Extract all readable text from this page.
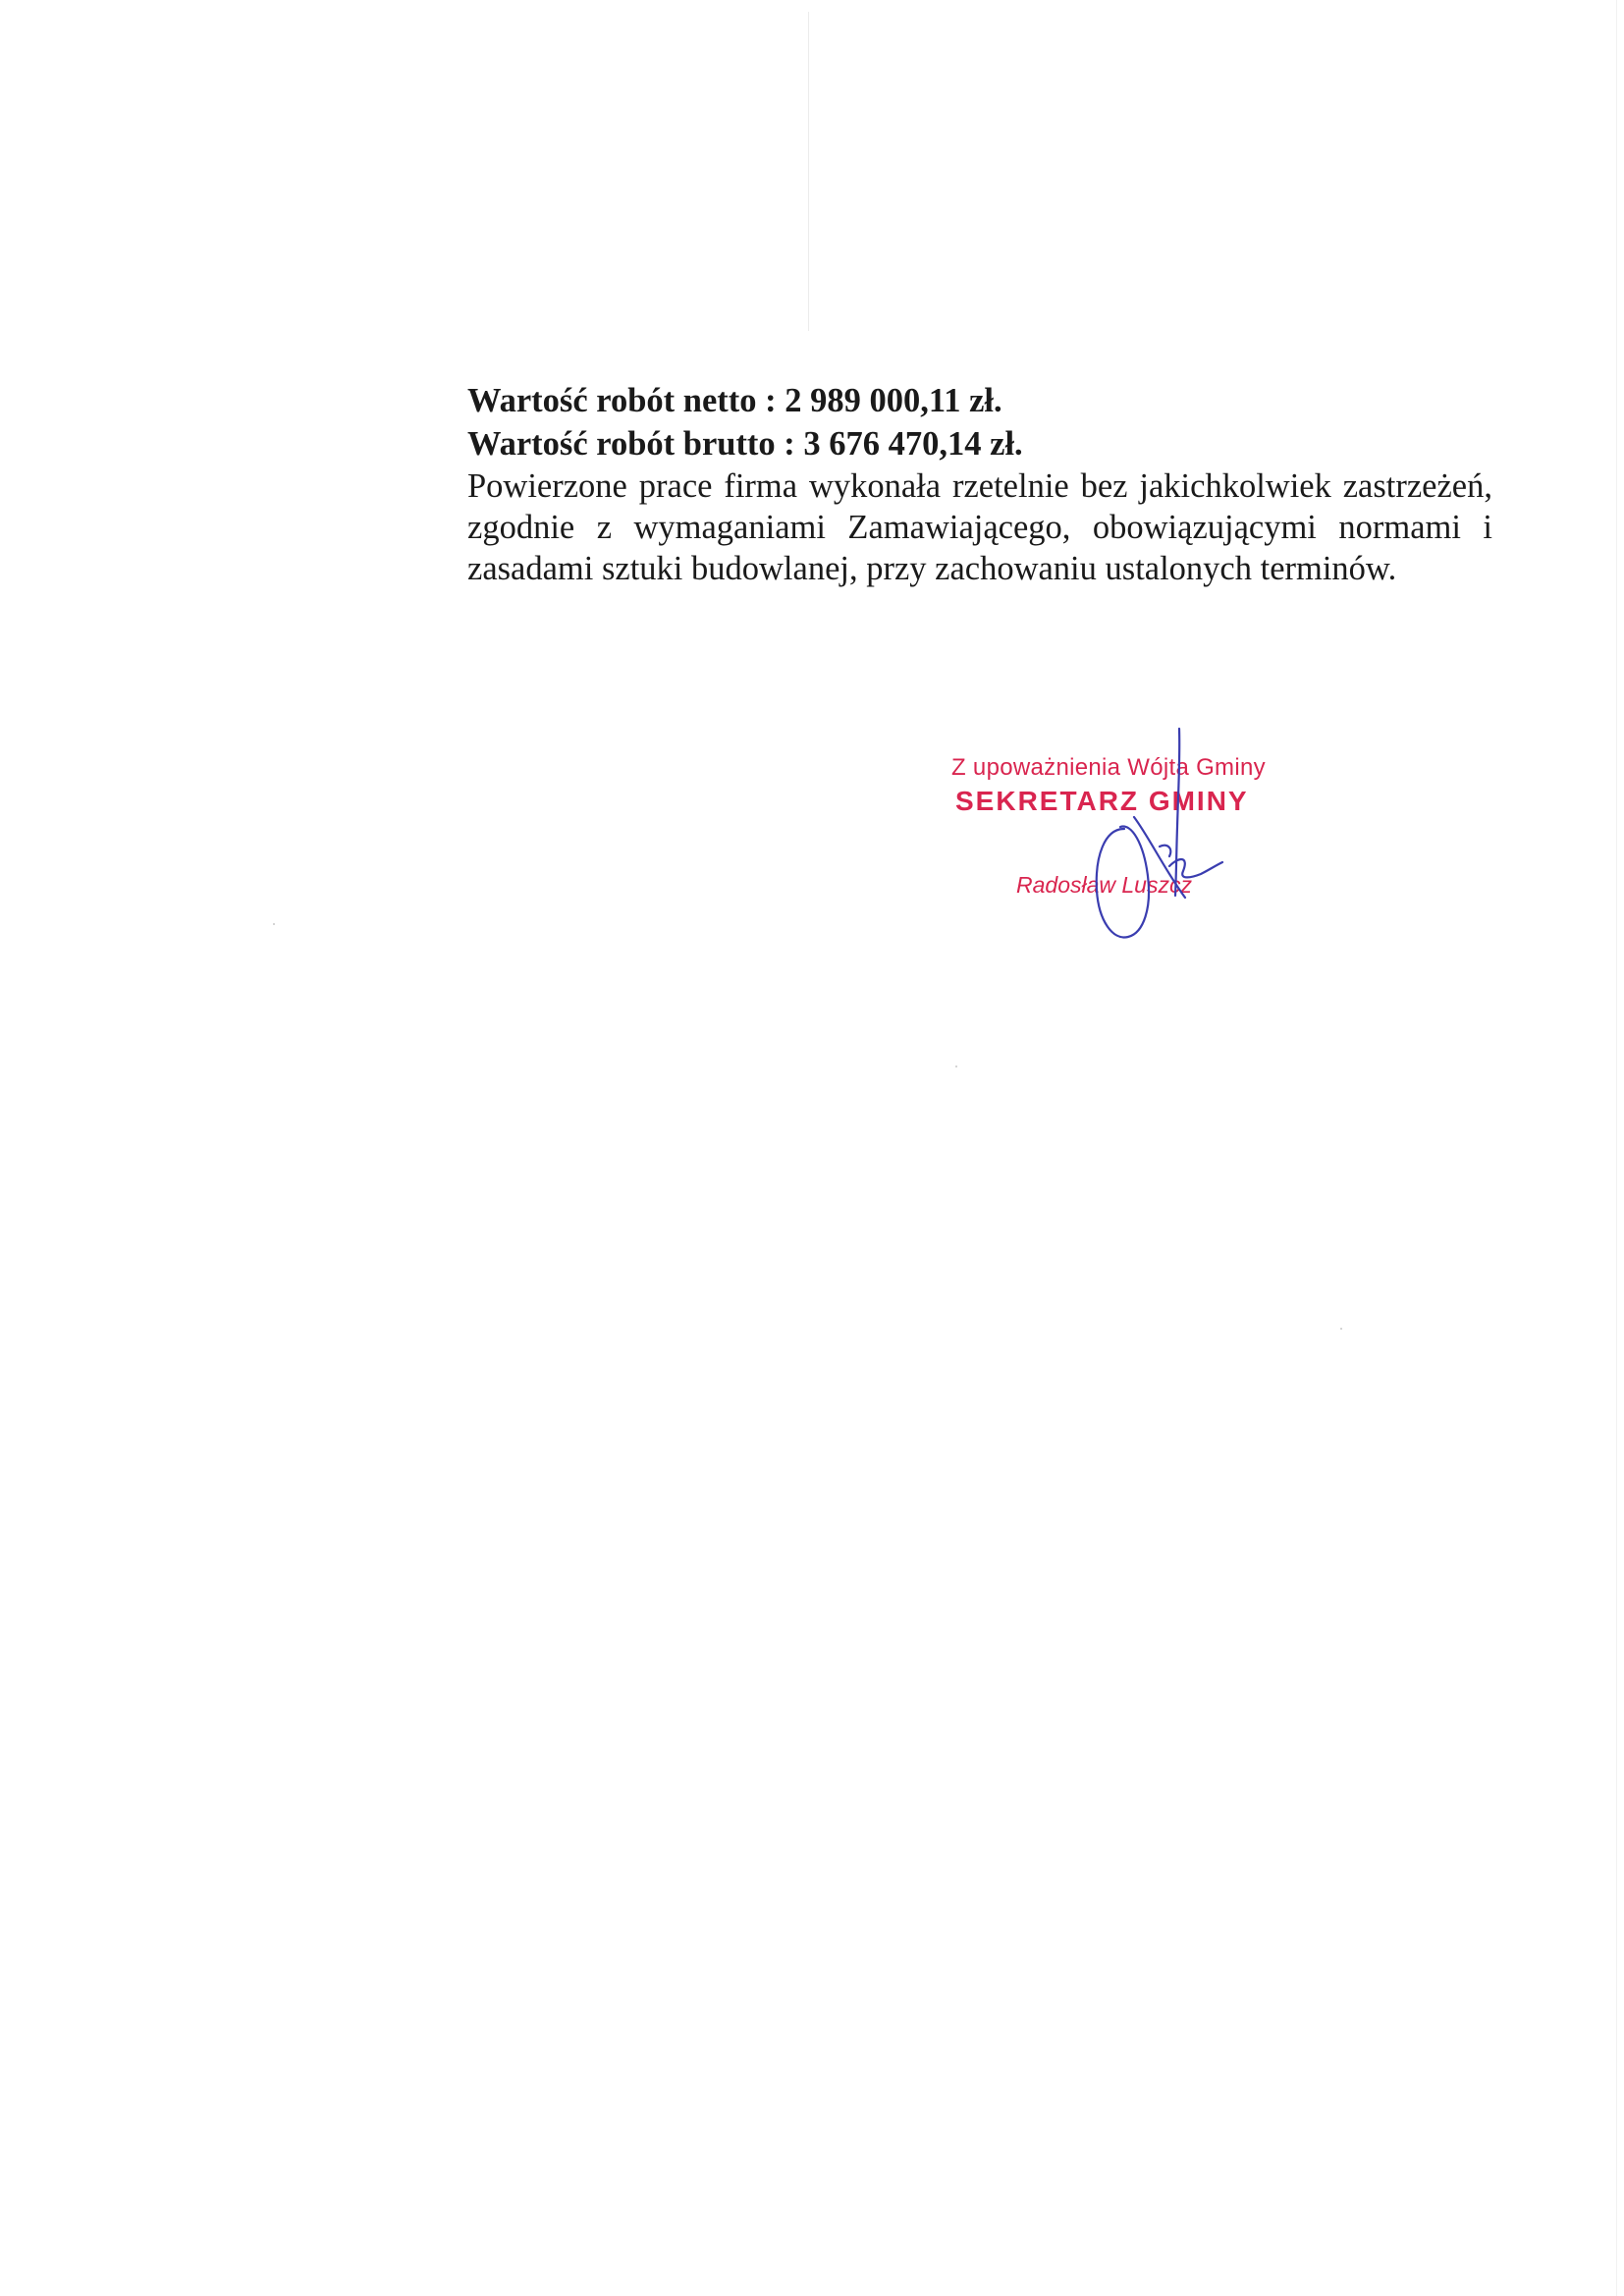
Wartość robót netto : 2 989 000,11 zł.

Wartość robót brutto : 3 676 470,14 zł.

Powierzone prace firma wykonała rzetelnie bez jakichkolwiek zastrzeżeń, zgodnie z wymaganiami Zamawiającego, obowiązującymi normami i zasadami sztuki budowlanej, przy zachowaniu ustalonych terminów.

Z upoważnienia Wójta Gminy
SEKRETARZ GMINY
Radosław Luszcz
